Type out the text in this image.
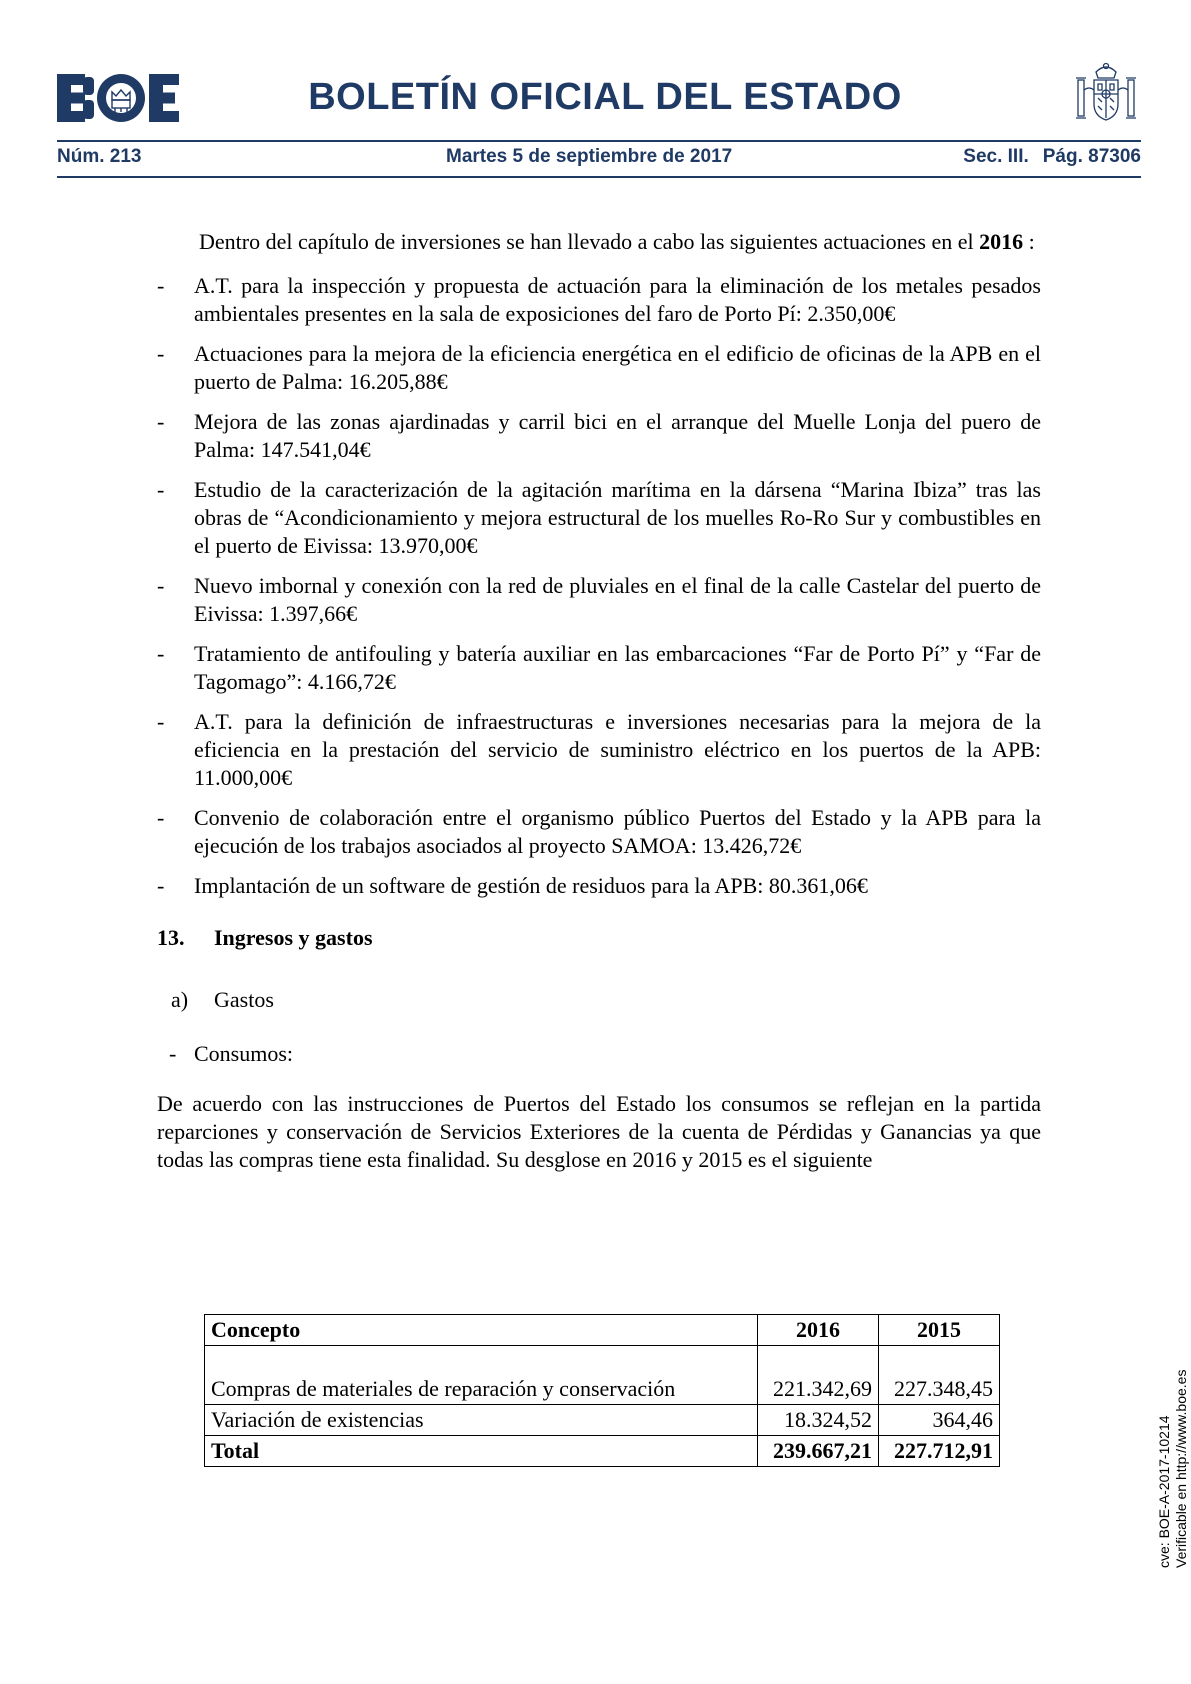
BOLETÍN OFICIAL DEL ESTADO
Núm. 213	Martes 5 de septiembre de 2017	Sec. III. Pág. 87306

Dentro del capítulo de inversiones se han llevado a cabo las siguientes actuaciones en el 2016 :

- A.T. para la inspección y propuesta de actuación para la eliminación de los metales pesados ambientales presentes en la sala de exposiciones del faro de Porto Pí: 2.350,00€
- Actuaciones para la mejora de la eficiencia energética en el edificio de oficinas de la APB en el puerto de Palma: 16.205,88€
- Mejora de las zonas ajardinadas y carril bici en el arranque del Muelle Lonja del puero de Palma: 147.541,04€
- Estudio de la caracterización de la agitación marítima en la dársena “Marina Ibiza” tras las obras de “Acondicionamiento y mejora estructural de los muelles Ro-Ro Sur y combustibles en el puerto de Eivissa: 13.970,00€
- Nuevo imbornal y conexión con la red de pluviales en el final de la calle Castelar del puerto de Eivissa: 1.397,66€
- Tratamiento de antifouling y batería auxiliar en las embarcaciones “Far de Porto Pí” y “Far de Tagomago”: 4.166,72€
- A.T. para la definición de infraestructuras e inversiones necesarias para la mejora de la eficiencia en la prestación del servicio de suministro eléctrico en los puertos de la APB: 11.000,00€
- Convenio de colaboración entre el organismo público Puertos del Estado y la APB para la ejecución de los trabajos asociados al proyecto SAMOA: 13.426,72€
- Implantación de un software de gestión de residuos para la APB: 80.361,06€
13. Ingresos y gastos
a) Gastos
- Consumos:

De acuerdo con las instrucciones de Puertos del Estado los consumos se reflejan en la partida reparciones y conservación de Servicios Exteriores de la cuenta de Pérdidas y Ganancias ya que todas las compras tiene esta finalidad. Su desglose en 2016 y 2015 es el siguiente

Concepto	2016	2015
Compras de materiales de reparación y conservación	221.342,69	227.348,45
Variación de existencias	18.324,52	364,46
Total	239.667,21	227.712,91	cve: BOE-A-2017-10214 Verificable en http://www.boe.es
